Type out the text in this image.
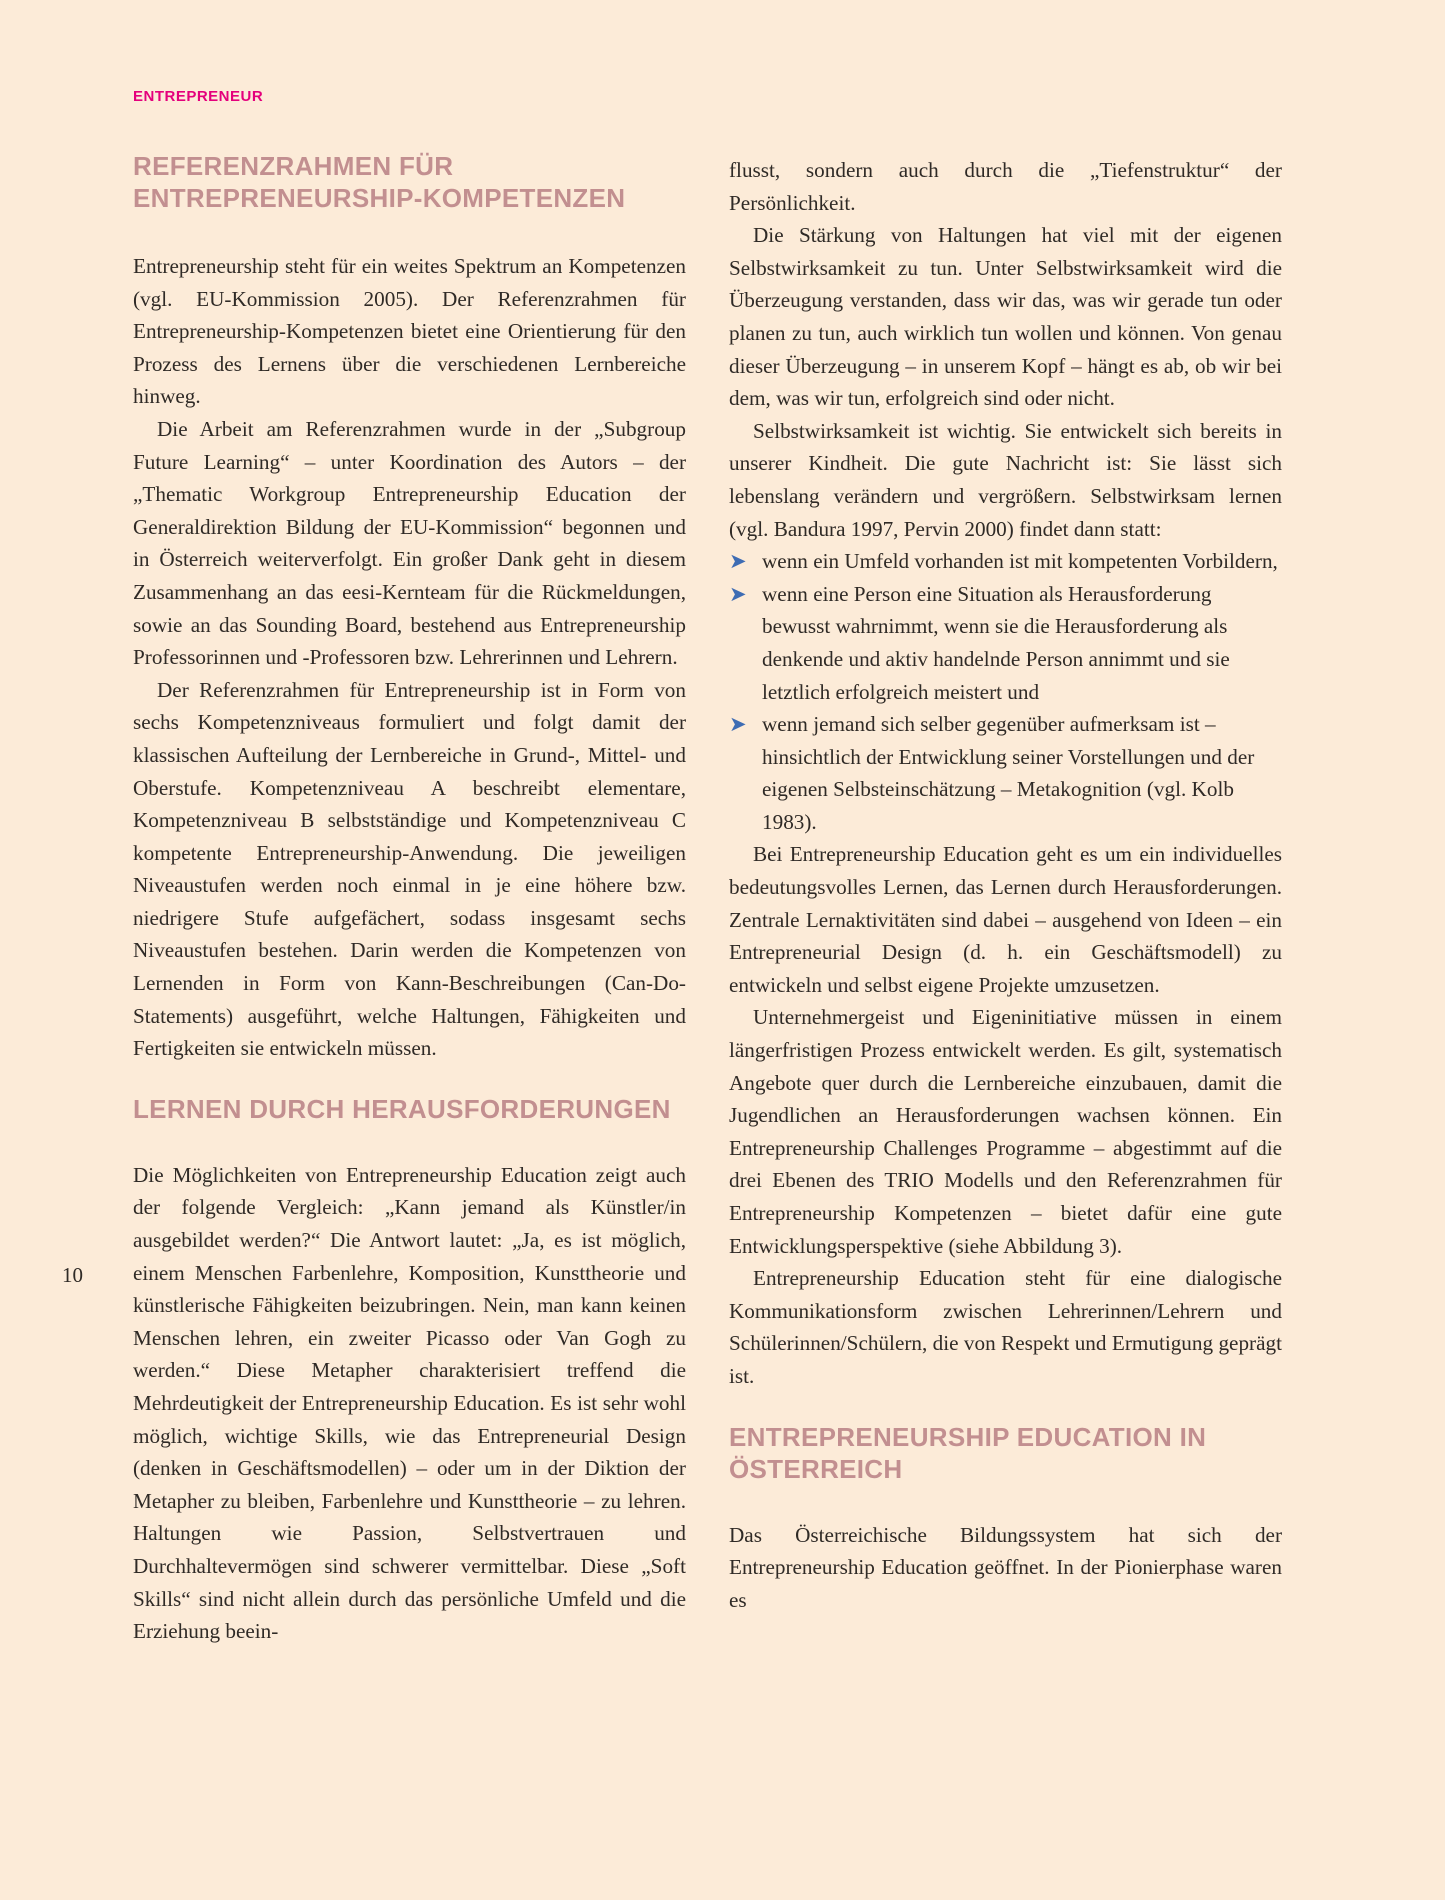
ENTREPRENEUR
10
REFERENZRAHMEN FÜR ENTREPRENEURSHIP-KOMPETENZEN

Entrepreneurship steht für ein weites Spektrum an Kompetenzen (vgl. EU-Kommission 2005). Der Referenzrahmen für Entrepreneurship-Kompetenzen bietet eine Orientierung für den Prozess des Lernens über die verschiedenen Lernbereiche hinweg.

Die Arbeit am Referenzrahmen wurde in der „Subgroup Future Learning“ – unter Koordination des Autors – der „Thematic Workgroup Entrepreneurship Education der Generaldirektion Bildung der EU-Kommission“ begonnen und in Österreich weiterverfolgt. Ein großer Dank geht in diesem Zusammenhang an das eesi-Kernteam für die Rückmeldungen, sowie an das Sounding Board, bestehend aus Entrepreneurship Professorinnen und -Professoren bzw. Lehrerinnen und Lehrern.

Der Referenzrahmen für Entrepreneurship ist in Form von sechs Kompetenzniveaus formuliert und folgt damit der klassischen Aufteilung der Lernbereiche in Grund-, Mittel- und Oberstufe. Kompetenzniveau A beschreibt elementare, Kompetenzniveau B selbstständige und Kompetenzniveau C kompetente Entrepreneurship-Anwendung. Die jeweiligen Niveaustufen werden noch einmal in je eine höhere bzw. niedrigere Stufe aufgefächert, sodass insgesamt sechs Niveaustufen bestehen. Darin werden die Kompetenzen von Lernenden in Form von Kann-Beschreibungen (Can-Do-Statements) ausgeführt, welche Haltungen, Fähigkeiten und Fertigkeiten sie entwickeln müssen.

LERNEN DURCH HERAUSFORDERUNGEN

Die Möglichkeiten von Entrepreneurship Education zeigt auch der folgende Vergleich: „Kann jemand als Künstler/in ausgebildet werden?“ Die Antwort lautet: „Ja, es ist möglich, einem Menschen Farbenlehre, Komposition, Kunsttheorie und künstlerische Fähigkeiten beizubringen. Nein, man kann keinen Menschen lehren, ein zweiter Picasso oder Van Gogh zu werden.“ Diese Metapher charakterisiert treffend die Mehrdeutigkeit der Entrepreneurship Education. Es ist sehr wohl möglich, wichtige Skills, wie das Entrepreneurial Design (denken in Geschäftsmodellen) – oder um in der Diktion der Metapher zu bleiben, Farbenlehre und Kunsttheorie – zu lehren. Haltungen wie Passion, Selbstvertrauen und Durchhaltevermögen sind schwerer vermittelbar. Diese „Soft Skills“ sind nicht allein durch das persönliche Umfeld und die Erziehung beein-

flusst, sondern auch durch die „Tiefenstruktur“ der Persönlichkeit.

Die Stärkung von Haltungen hat viel mit der eigenen Selbstwirksamkeit zu tun. Unter Selbstwirksamkeit wird die Überzeugung verstanden, dass wir das, was wir gerade tun oder planen zu tun, auch wirklich tun wollen und können. Von genau dieser Überzeugung – in unserem Kopf – hängt es ab, ob wir bei dem, was wir tun, erfolgreich sind oder nicht.

Selbstwirksamkeit ist wichtig. Sie entwickelt sich bereits in unserer Kindheit. Die gute Nachricht ist: Sie lässt sich lebenslang verändern und vergrößern. Selbstwirksam lernen (vgl. Bandura 1997, Pervin 2000) findet dann statt:

➤ wenn ein Umfeld vorhanden ist mit kompetenten Vorbildern,
➤ wenn eine Person eine Situation als Herausforderung bewusst wahrnimmt, wenn sie die Herausforderung als denkende und aktiv handelnde Person annimmt und sie letztlich erfolgreich meistert und
➤ wenn jemand sich selber gegenüber aufmerksam ist – hinsichtlich der Entwicklung seiner Vorstellungen und der eigenen Selbsteinschätzung – Metakognition (vgl. Kolb 1983).

Bei Entrepreneurship Education geht es um ein individuelles bedeutungsvolles Lernen, das Lernen durch Herausforderungen. Zentrale Lernaktivitäten sind dabei – ausgehend von Ideen – ein Entrepreneurial Design (d. h. ein Geschäftsmodell) zu entwickeln und selbst eigene Projekte umzusetzen.

Unternehmergeist und Eigeninitiative müssen in einem längerfristigen Prozess entwickelt werden. Es gilt, systematisch Angebote quer durch die Lernbereiche einzubauen, damit die Jugendlichen an Herausforderungen wachsen können. Ein Entrepreneurship Challenges Programme – abgestimmt auf die drei Ebenen des TRIO Modells und den Referenzrahmen für Entrepreneurship Kompetenzen – bietet dafür eine gute Entwicklungsperspektive (siehe Abbildung 3).

Entrepreneurship Education steht für eine dialogische Kommunikationsform zwischen Lehrerinnen/Lehrern und Schülerinnen/Schülern, die von Respekt und Ermutigung geprägt ist.

ENTREPRENEURSHIP EDUCATION IN ÖSTERREICH

Das Österreichische Bildungssystem hat sich der Entrepreneurship Education geöffnet. In der Pionierphase waren es
